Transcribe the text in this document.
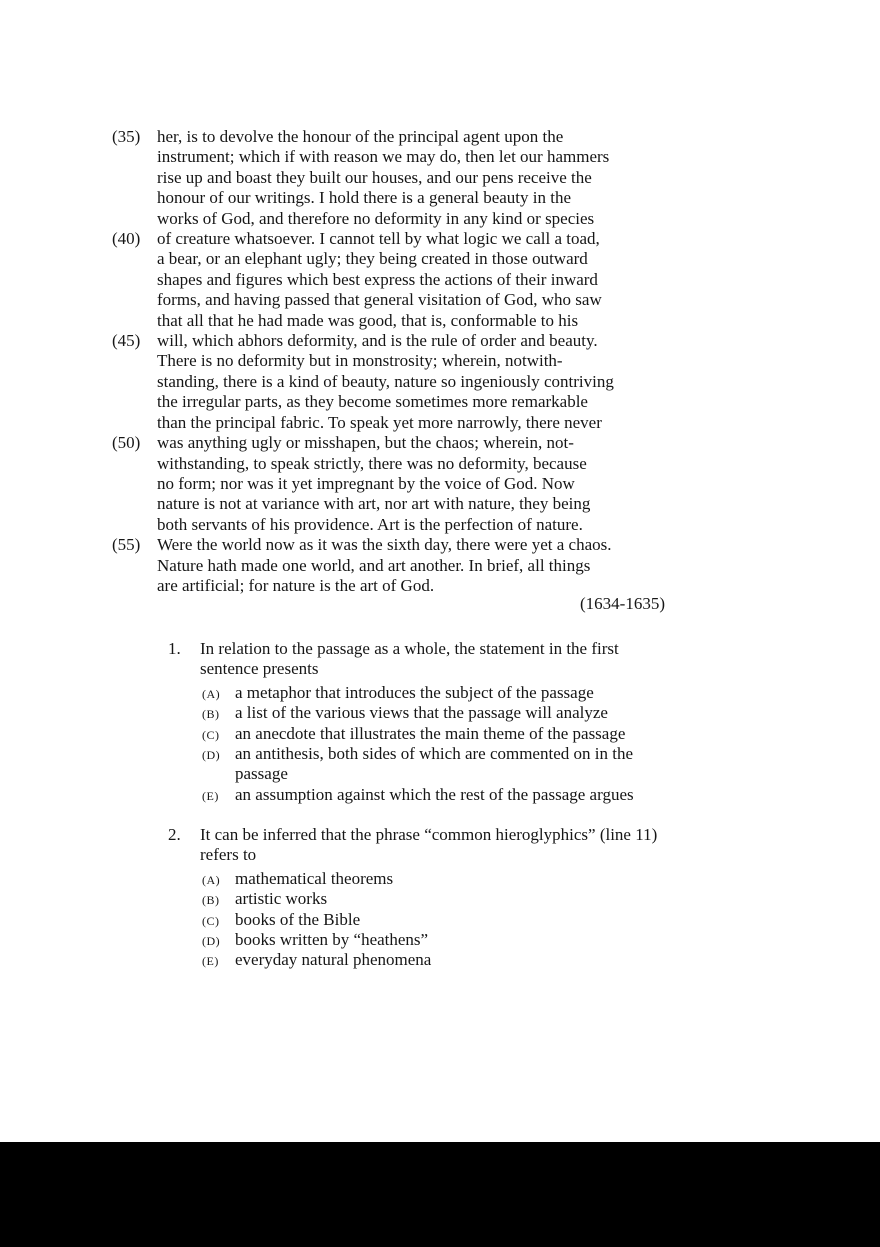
(35)

(40)

(45)

(50)

(55)

her, is to devolve the honour of the principal agent upon the
instrument; which if with reason we may do, then let our hammers
rise up and boast they built our houses, and our pens receive the
honour of our writings. I hold there is a general beauty in the
works of God, and therefore no deformity in any kind or species
of creature whatsoever. I cannot tell by what logic we call a toad,
a bear, or an elephant ugly; they being created in those outward
shapes and figures which best express the actions of their inward
forms, and having passed that general visitation of God, who saw
that all that he had made was good, that is, conformable to his
will, which abhors deformity, and is the rule of order and beauty.
There is no deformity but in monstrosity; wherein, notwith-
standing, there is a kind of beauty, nature so ingeniously contriving
the irregular parts, as they become sometimes more remarkable
than the principal fabric. To speak yet more narrowly, there never
was anything ugly or misshapen, but the chaos; wherein, not-
withstanding, to speak strictly, there was no deformity, because
no form; nor was it yet impregnant by the voice of God. Now
nature is not at variance with art, nor art with nature, they being
both servants of his providence. Art is the perfection of nature.
Were the world now as it was the sixth day, there were yet a chaos.
Nature hath made one world, and art another. In brief, all things
are artificial; for nature is the art of God.
(1634-1635)
1.	In relation to the passage as a whole, the statement in the first
sentence presents
(A) a metaphor that introduces the subject of the passage
(B) a list of the various views that the passage will analyze
(C) an anecdote that illustrates the main theme of the passage
(D) an antithesis, both sides of which are commented on in the
passage
(E) an assumption against which the rest of the passage argues
2.	It can be inferred that the phrase “common hieroglyphics” (line 11)
refers to
(A) mathematical theorems
(B) artistic works
(C) books of the Bible
(D) books written by “heathens”
(E) everyday natural phenomena
